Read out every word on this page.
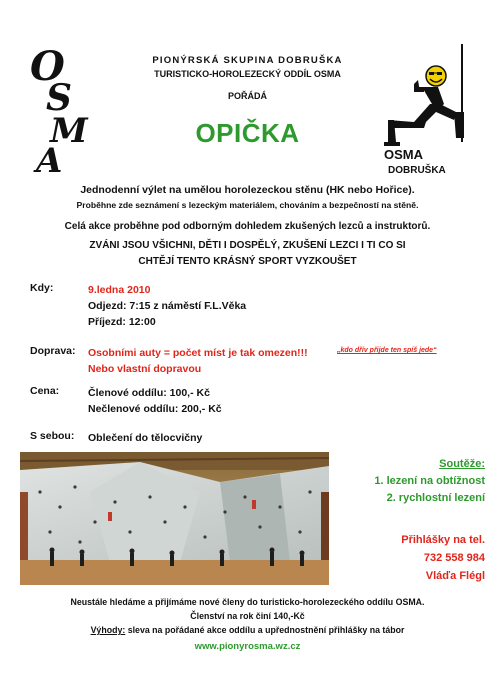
O
S
M
A	OSMA
DOBRUŠKA
PIONÝRSKÁ SKUPINA DOBRUŠKA
TURISTICKO-HOROLEZECKÝ ODDÍL OSMA
POŘÁDÁ
OPIČKA
Jednodenní výlet na umělou horolezeckou stěnu (HK nebo Hořice).
Proběhne zde seznámení s lezeckým materiálem, chováním a bezpečností na stěně.
Celá akce proběhne pod odborným dohledem zkušených lezců a instruktorů.
ZVÁNI JSOU VŠICHNI, DĚTI I DOSPĚLÝ, ZKUŠENÍ LEZCI I TI CO SI
CHTĚJÍ TENTO KRÁSNÝ SPORT VYZKOUŠET
Kdy:	9.ledna 2010
Odjezd: 7:15 z náměstí F.L.Věka
Příjezd: 12:00
Doprava: Osobními auty = počet míst je tak omezen!!!	„kdo dřív přijde ten spíš jede“
Nebo vlastní dopravou
Cena:	Členové oddílu: 100,- Kč
Nečlenové oddílu: 200,- Kč
S sebou: Oblečení do tělocvičny
Soutěže:
1. lezení na obtížnost
2. rychlostní lezení
Přihlášky na tel.
732 558 984
Vláďa Flégl
Neustále hledáme a přijímáme nové členy do turisticko-horolezeckého oddílu OSMA.
Členství na rok činí 140,-Kč
Výhody: sleva na pořádané akce oddílu a upřednostnění přihlášky na tábor
www.pionyrosma.wz.cz
